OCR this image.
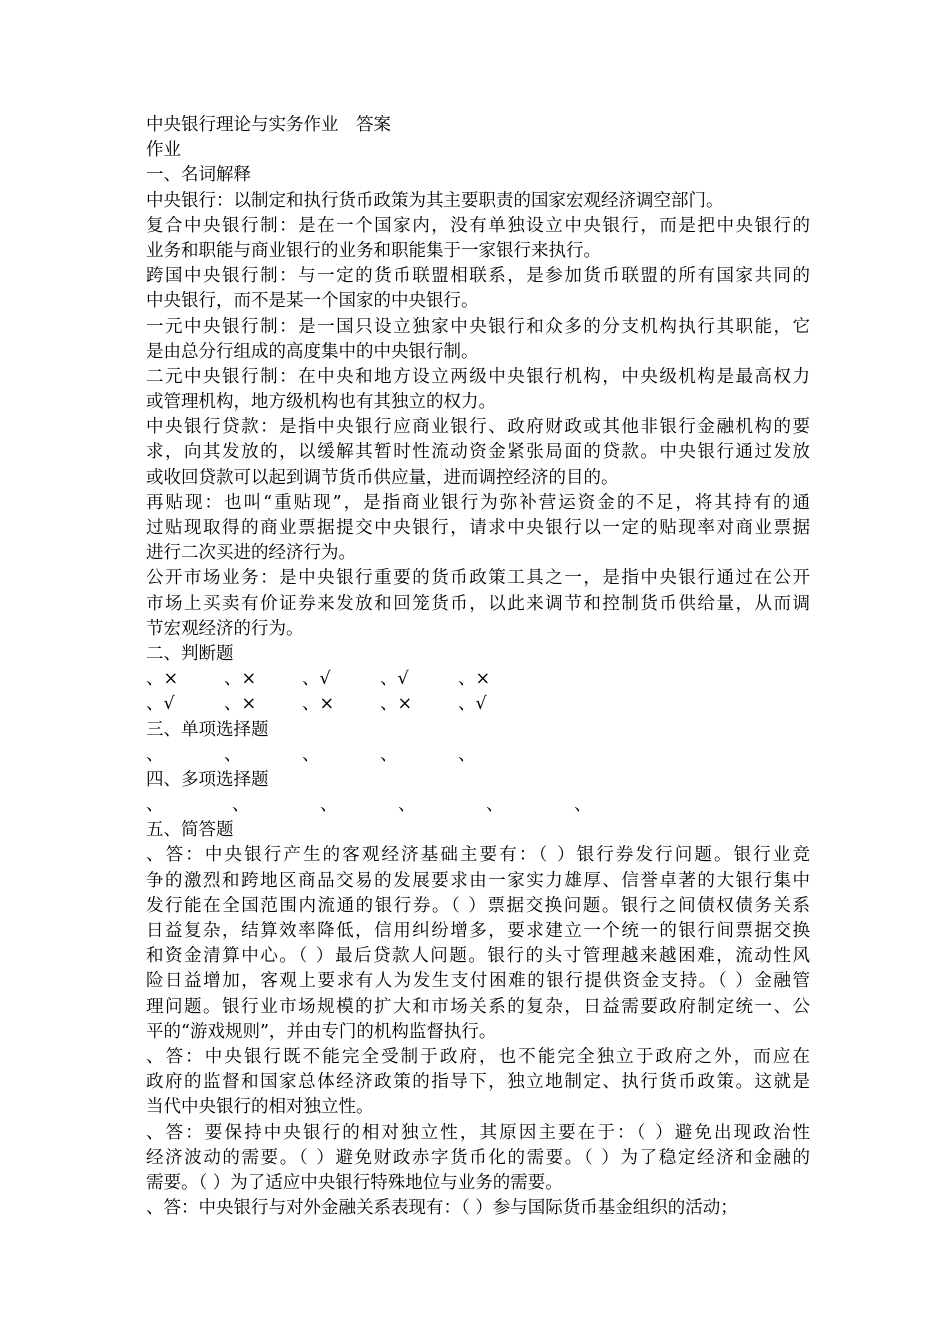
中央银行理论与实务作业　答案
作业
一、名词解释
中央银行：以制定和执行货币政策为其主要职责的国家宏观经济调空部门。
复合中央银行制：是在一个国家内，没有单独设立中央银行，而是把中央银行的
业务和职能与商业银行的业务和职能集于一家银行来执行。
跨国中央银行制：与一定的货币联盟相联系，是参加货币联盟的所有国家共同的
中央银行，而不是某一个国家的中央银行。
一元中央银行制：是一国只设立独家中央银行和众多的分支机构执行其职能，它
是由总分行组成的高度集中的中央银行制。
二元中央银行制：在中央和地方设立两级中央银行机构，中央级机构是最高权力
或管理机构，地方级机构也有其独立的权力。
中央银行贷款：是指中央银行应商业银行、政府财政或其他非银行金融机构的要
求，向其发放的，以缓解其暂时性流动资金紧张局面的贷款。中央银行通过发放
或收回贷款可以起到调节货币供应量，进而调控经济的目的。
再贴现：也叫“重贴现”，是指商业银行为弥补营运资金的不足，将其持有的通
过贴现取得的商业票据提交中央银行，请求中央银行以一定的贴现率对商业票据
进行二次买进的经济行为。
公开市场业务：是中央银行重要的货币政策工具之一，是指中央银行通过在公开
市场上买卖有价证券来发放和回笼货币，以此来调节和控制货币供给量，从而调
节宏观经济的行为。
二、判断题
、×	、×	、√	、√	、×
、√	、×	、×	、×	、√
三、单项选择题
、	、	、	、	、
四、多项选择题
、	、	、	、	、	、
五、简答题
、答：中央银行产生的客观经济基础主要有：（ ）银行券发行问题。银行业竞
争的激烈和跨地区商品交易的发展要求由一家实力雄厚、信誉卓著的大银行集中
发行能在全国范围内流通的银行券。（ ）票据交换问题。银行之间债权债务关系
日益复杂，结算效率降低，信用纠纷增多，要求建立一个统一的银行间票据交换
和资金清算中心。（ ）最后贷款人问题。银行的头寸管理越来越困难，流动性风
险日益增加，客观上要求有人为发生支付困难的银行提供资金支持。（ ）金融管
理问题。银行业市场规模的扩大和市场关系的复杂，日益需要政府制定统一、公
平的“游戏规则”，并由专门的机构监督执行。
、答：中央银行既不能完全受制于政府，也不能完全独立于政府之外，而应在
政府的监督和国家总体经济政策的指导下，独立地制定、执行货币政策。这就是
当代中央银行的相对独立性。
、答：要保持中央银行的相对独立性，其原因主要在于：（ ）避免出现政治性
经济波动的需要。（ ）避免财政赤字货币化的需要。（ ）为了稳定经济和金融的
需要。（ ）为了适应中央银行特殊地位与业务的需要。
、答：中央银行与对外金融关系表现有：（ ）参与国际货币基金组织的活动；
